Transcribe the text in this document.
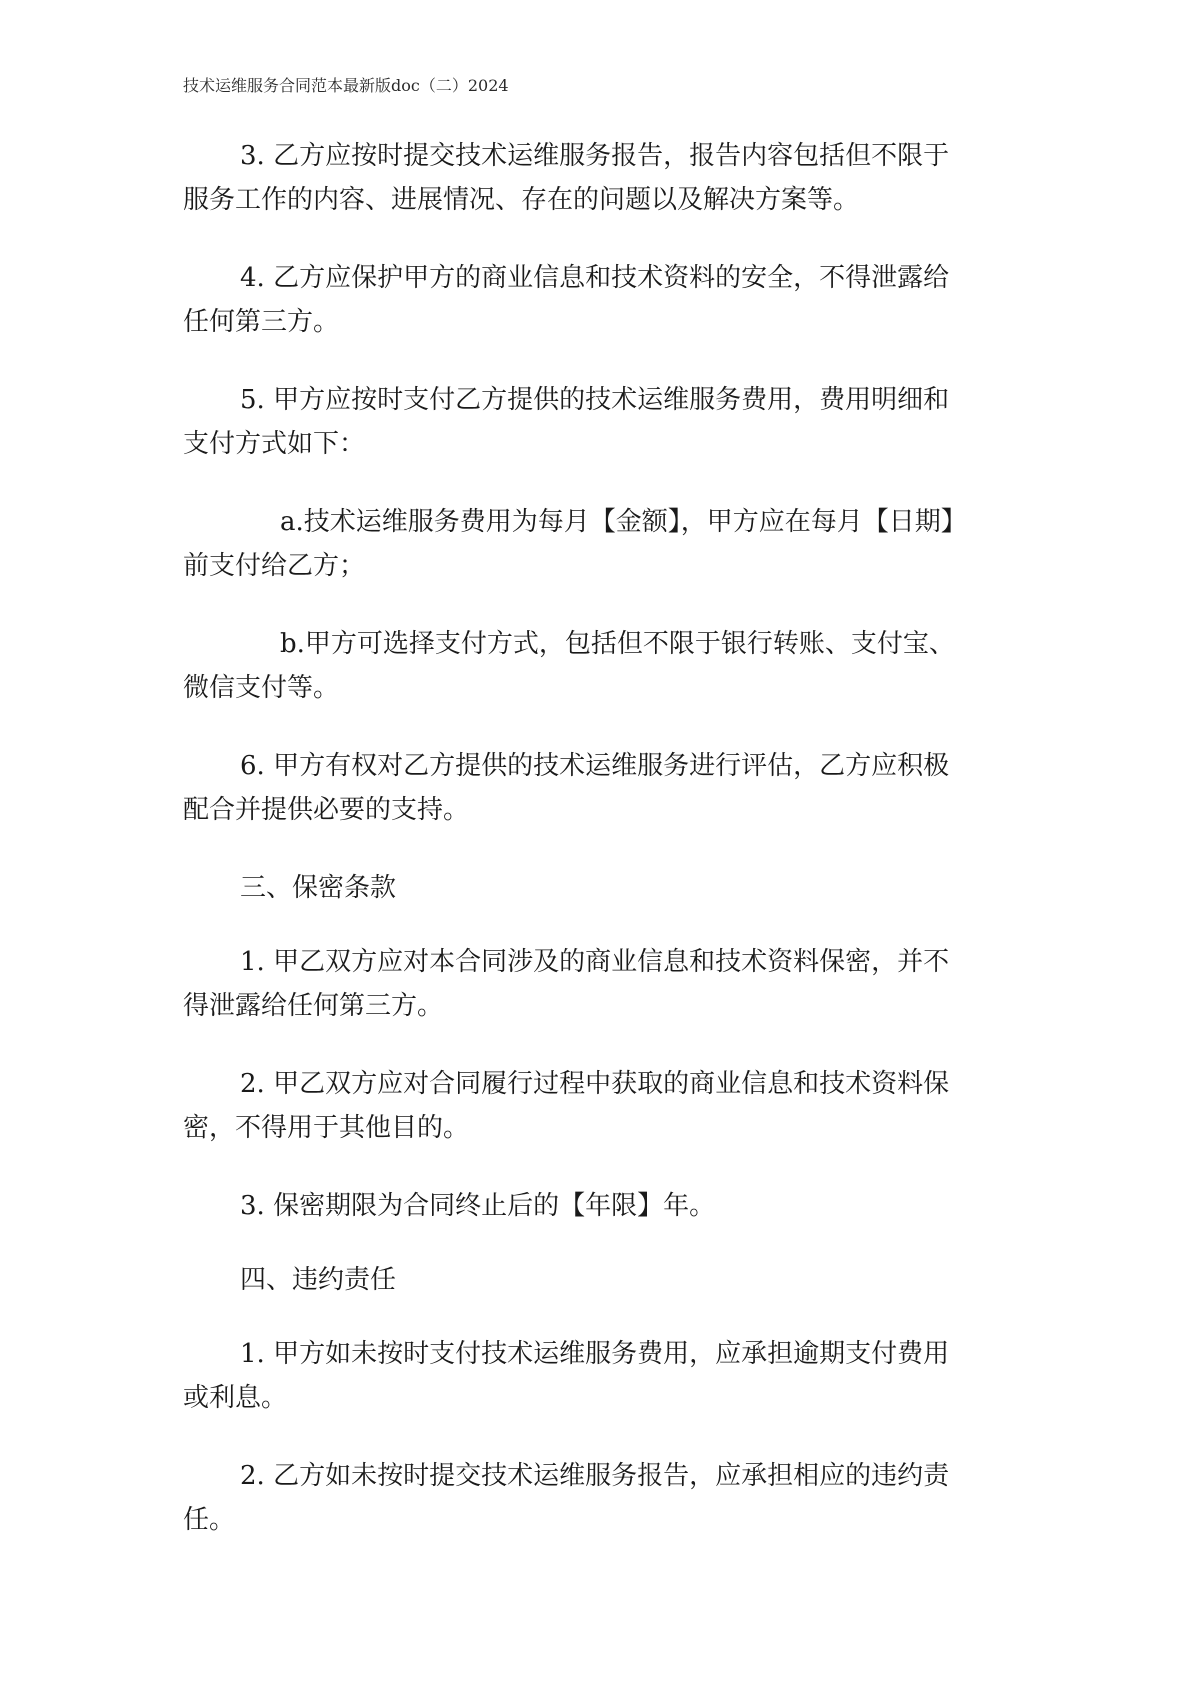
技术运维服务合同范本最新版doc（二）2024

3. 乙方应按时提交技术运维服务报告，报告内容包括但不限于
服务工作的内容、进展情况、存在的问题以及解决方案等。

4. 乙方应保护甲方的商业信息和技术资料的安全，不得泄露给
任何第三方。

5. 甲方应按时支付乙方提供的技术运维服务费用，费用明细和
支付方式如下：

a.技术运维服务费用为每月【金额】，甲方应在每月【日期】
前支付给乙方；

b.甲方可选择支付方式，包括但不限于银行转账、支付宝、
微信支付等。

6. 甲方有权对乙方提供的技术运维服务进行评估，乙方应积极
配合并提供必要的支持。

三、保密条款

1. 甲乙双方应对本合同涉及的商业信息和技术资料保密，并不
得泄露给任何第三方。

2. 甲乙双方应对合同履行过程中获取的商业信息和技术资料保
密，不得用于其他目的。

3. 保密期限为合同终止后的【年限】年。

四、违约责任

1. 甲方如未按时支付技术运维服务费用，应承担逾期支付费用
或利息。

2. 乙方如未按时提交技术运维服务报告，应承担相应的违约责
任。
